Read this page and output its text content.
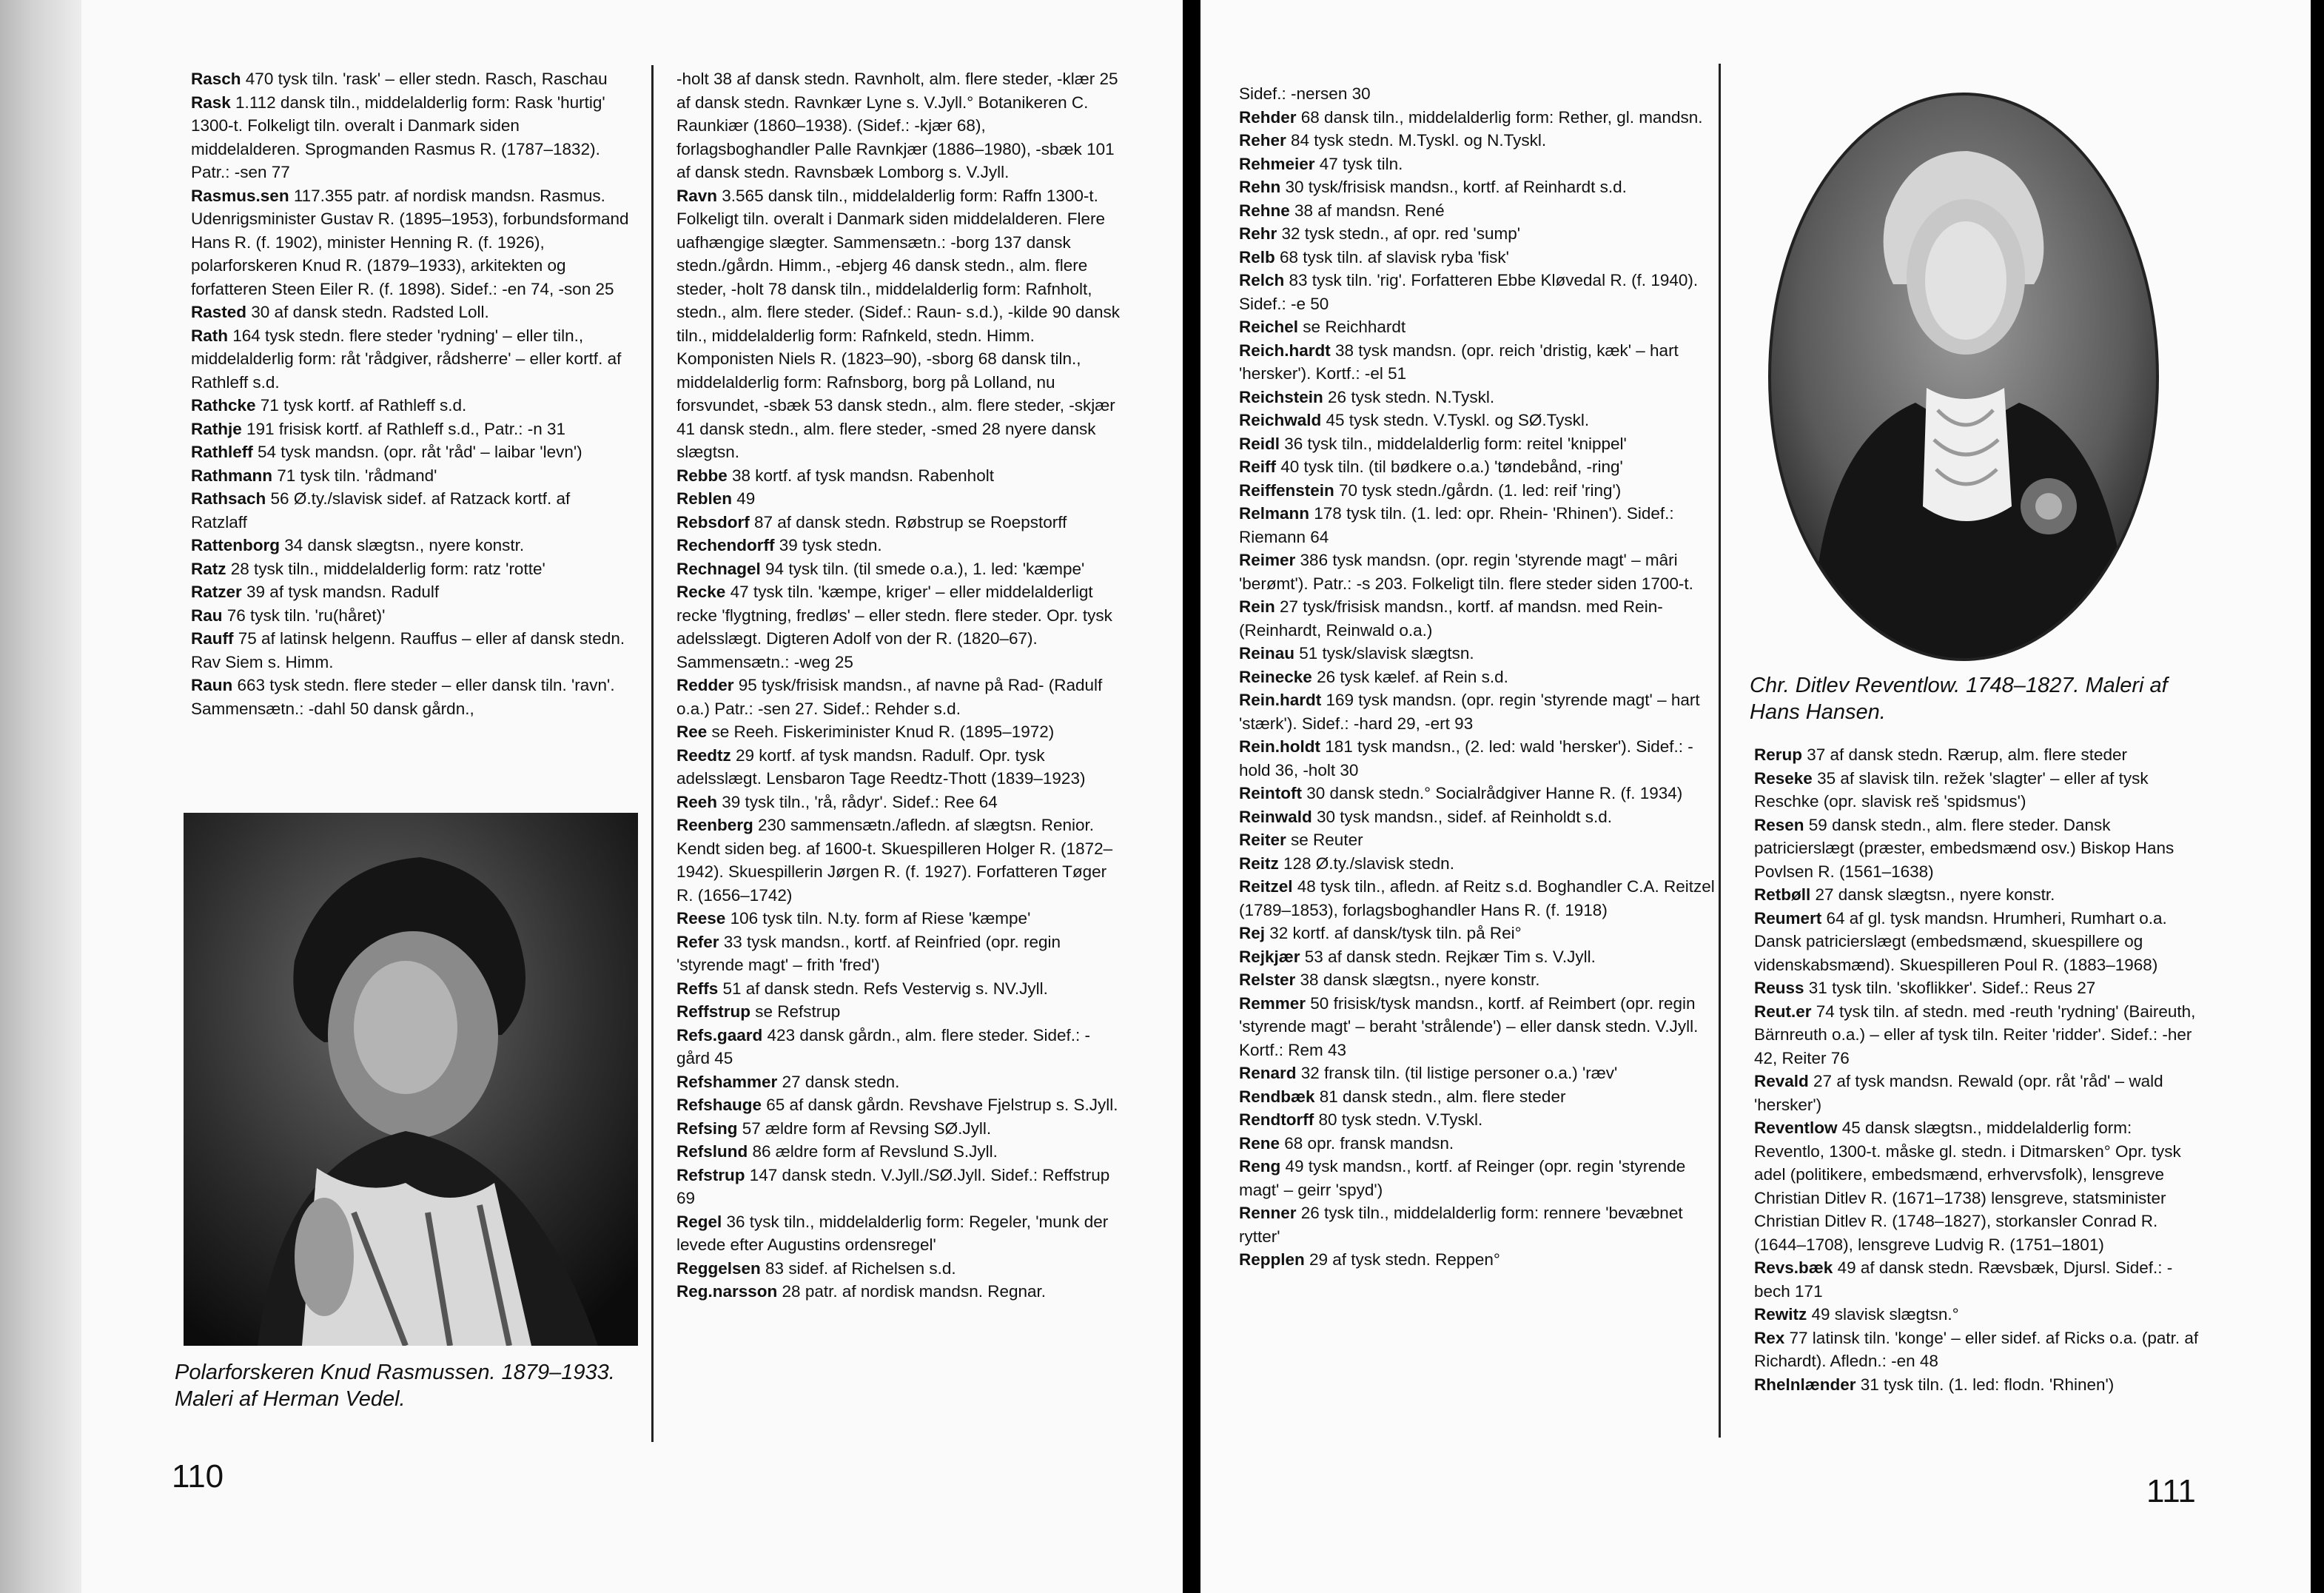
Rasch 470 tysk tiln. 'rask' – eller stedn. Rasch, Raschau

Rask 1.112 dansk tiln., middelalderlig form: Rask 'hurtig' 1300-t. Folkeligt tiln. overalt i Danmark siden middelalderen. Sprogmanden Rasmus R. (1787–1832). Patr.: -sen 77

Rasmus.sen 117.355 patr. af nordisk mandsn. Rasmus. Udenrigsminister Gustav R. (1895–1953), forbundsformand Hans R. (f. 1902), minister Henning R. (f. 1926), polarforskeren Knud R. (1879–1933), arkitekten og forfatteren Steen Eiler R. (f. 1898). Sidef.: -en 74, -son 25

Rasted 30 af dansk stedn. Radsted Loll.

Rath 164 tysk stedn. flere steder 'rydning' – eller tiln., middelalderlig form: råt 'rådgiver, rådsherre' – eller kortf. af Rathleff s.d.

Rathcke 71 tysk kortf. af Rathleff s.d.

Rathje 191 frisisk kortf. af Rathleff s.d., Patr.: -n 31

Rathleff 54 tysk mandsn. (opr. råt 'råd' – laibar 'levn')

Rathmann 71 tysk tiln. 'rådmand'

Rathsach 56 Ø.ty./slavisk sidef. af Ratzack kortf. af Ratzlaff

Rattenborg 34 dansk slægtsn., nyere konstr.

Ratz 28 tysk tiln., middelalderlig form: ratz 'rotte'

Ratzer 39 af tysk mandsn. Radulf

Rau 76 tysk tiln. 'ru(håret)'

Rauff 75 af latinsk helgenn. Rauffus – eller af dansk stedn. Rav Siem s. Himm.

Raun 663 tysk stedn. flere steder – eller dansk tiln. 'ravn'. Sammensætn.: -dahl 50 dansk gårdn.,

-holt 38 af dansk stedn. Ravnholt, alm. flere steder, -klær 25 af dansk stedn. Ravnkær Lyne s. V.Jyll.° Botanikeren C. Raunkiær (1860–1938). (Sidef.: -kjær 68), forlagsboghandler Palle Ravnkjær (1886–1980), -sbæk 101 af dansk stedn. Ravnsbæk Lomborg s. V.Jyll.

Ravn 3.565 dansk tiln., middelalderlig form: Raffn 1300-t. Folkeligt tiln. overalt i Danmark siden middelalderen. Flere uafhængige slægter. Sammensætn.: -borg 137 dansk stedn./gårdn. Himm., -ebjerg 46 dansk stedn., alm. flere steder, -holt 78 dansk tiln., middelalderlig form: Rafnholt, stedn., alm. flere steder. (Sidef.: Raun- s.d.), -kilde 90 dansk tiln., middelalderlig form: Rafnkeld, stedn. Himm. Komponisten Niels R. (1823–90), -sborg 68 dansk tiln., middelalderlig form: Rafnsborg, borg på Lolland, nu forsvundet, -sbæk 53 dansk stedn., alm. flere steder, -skjær 41 dansk stedn., alm. flere steder, -smed 28 nyere dansk slægtsn.

Rebbe 38 kortf. af tysk mandsn. Rabenholt

Reblen 49

Rebsdorf 87 af dansk stedn. Røbstrup se Roepstorff

Rechendorff 39 tysk stedn.

Rechnagel 94 tysk tiln. (til smede o.a.), 1. led: 'kæmpe'

Recke 47 tysk tiln. 'kæmpe, kriger' – eller middelalderligt recke 'flygtning, fredløs' – eller stedn. flere steder. Opr. tysk adelsslægt. Digteren Adolf von der R. (1820–67). Sammensætn.: -weg 25

Redder 95 tysk/frisisk mandsn., af navne på Rad- (Radulf o.a.) Patr.: -sen 27. Sidef.: Rehder s.d.

Ree se Reeh. Fiskeriminister Knud R. (1895–1972)

Reedtz 29 kortf. af tysk mandsn. Radulf. Opr. tysk adelsslægt. Lensbaron Tage Reedtz-Thott (1839–1923)

Reeh 39 tysk tiln., 'rå, rådyr'. Sidef.: Ree 64

Reenberg 230 sammensætn./afledn. af slægtsn. Renior. Kendt siden beg. af 1600-t. Skuespilleren Holger R. (1872–1942). Skuespillerin Jørgen R. (f. 1927). Forfatteren Tøger R. (1656–1742)

Reese 106 tysk tiln. N.ty. form af Riese 'kæmpe'

Refer 33 tysk mandsn., kortf. af Reinfried (opr. regin 'styrende magt' – frith 'fred')

Reffs 51 af dansk stedn. Refs Vestervig s. NV.Jyll.

Reffstrup se Refstrup

Refs.gaard 423 dansk gårdn., alm. flere steder. Sidef.: -gård 45

Refshammer 27 dansk stedn.

Refshauge 65 af dansk gårdn. Revshave Fjelstrup s. S.Jyll.

Refsing 57 ældre form af Revsing SØ.Jyll.

Refslund 86 ældre form af Revslund S.Jyll.

Refstrup 147 dansk stedn. V.Jyll./SØ.Jyll. Sidef.: Reffstrup 69

Regel 36 tysk tiln., middelalderlig form: Regeler, 'munk der levede efter Augustins ordensregel'

Reggelsen 83 sidef. af Richelsen s.d.

Reg.narsson 28 patr. af nordisk mandsn. Regnar.

Polarforskeren Knud Rasmussen. 1879–1933.
Maleri af Herman Vedel.
110

Sidef.: -nersen 30

Rehder 68 dansk tiln., middelalderlig form: Rether, gl. mandsn.

Reher 84 tysk stedn. M.Tyskl. og N.Tyskl.

Rehmeier 47 tysk tiln.

Rehn 30 tysk/frisisk mandsn., kortf. af Reinhardt s.d.

Rehne 38 af mandsn. René

Rehr 32 tysk stedn., af opr. red 'sump'

Relb 68 tysk tiln. af slavisk ryba 'fisk'

Relch 83 tysk tiln. 'rig'. Forfatteren Ebbe Kløvedal R. (f. 1940). Sidef.: -e 50

Reichel se Reichhardt

Reich.hardt 38 tysk mandsn. (opr. reich 'dristig, kæk' – hart 'hersker'). Kortf.: -el 51

Reichstein 26 tysk stedn. N.Tyskl.

Reichwald 45 tysk stedn. V.Tyskl. og SØ.Tyskl.

Reidl 36 tysk tiln., middelalderlig form: reitel 'knippel'

Reiff 40 tysk tiln. (til bødkere o.a.) 'tøndebånd, -ring'

Reiffenstein 70 tysk stedn./gårdn. (1. led: reif 'ring')

Relmann 178 tysk tiln. (1. led: opr. Rhein- 'Rhinen'). Sidef.: Riemann 64

Reimer 386 tysk mandsn. (opr. regin 'styrende magt' – mâri 'berømt'). Patr.: -s 203. Folkeligt tiln. flere steder siden 1700-t.

Rein 27 tysk/frisisk mandsn., kortf. af mandsn. med Rein- (Reinhardt, Reinwald o.a.)

Reinau 51 tysk/slavisk slægtsn.

Reinecke 26 tysk kælef. af Rein s.d.

Rein.hardt 169 tysk mandsn. (opr. regin 'styrende magt' – hart 'stærk'). Sidef.: -hard 29, -ert 93

Rein.holdt 181 tysk mandsn., (2. led: wald 'hersker'). Sidef.: -hold 36, -holt 30

Reintoft 30 dansk stedn.° Socialrådgiver Hanne R. (f. 1934)

Reinwald 30 tysk mandsn., sidef. af Reinholdt s.d.

Reiter se Reuter

Reitz 128 Ø.ty./slavisk stedn.

Reitzel 48 tysk tiln., afledn. af Reitz s.d. Boghandler C.A. Reitzel (1789–1853), forlagsboghandler Hans R. (f. 1918)

Rej 32 kortf. af dansk/tysk tiln. på Rei°

Rejkjær 53 af dansk stedn. Rejkær Tim s. V.Jyll.

Relster 38 dansk slægtsn., nyere konstr.

Remmer 50 frisisk/tysk mandsn., kortf. af Reimbert (opr. regin 'styrende magt' – beraht 'strålende') – eller dansk stedn. V.Jyll. Kortf.: Rem 43

Renard 32 fransk tiln. (til listige personer o.a.) 'ræv'

Rendbæk 81 dansk stedn., alm. flere steder

Rendtorff 80 tysk stedn. V.Tyskl.

Rene 68 opr. fransk mandsn.

Reng 49 tysk mandsn., kortf. af Reinger (opr. regin 'styrende magt' – geirr 'spyd')

Renner 26 tysk tiln., middelalderlig form: rennere 'bevæbnet rytter'

Repplen 29 af tysk stedn. Reppen°

Chr. Ditlev Reventlow. 1748–1827. Maleri af
Hans Hansen.

Rerup 37 af dansk stedn. Rærup, alm. flere steder

Reseke 35 af slavisk tiln. režek 'slagter' – eller af tysk Reschke (opr. slavisk reš 'spidsmus')

Resen 59 dansk stedn., alm. flere steder. Dansk patricierslægt (præster, embedsmænd osv.) Biskop Hans Povlsen R. (1561–1638)

Retbøll 27 dansk slægtsn., nyere konstr.

Reumert 64 af gl. tysk mandsn. Hrumheri, Rumhart o.a. Dansk patricierslægt (embedsmænd, skuespillere og videnskabsmænd). Skuespilleren Poul R. (1883–1968)

Reuss 31 tysk tiln. 'skoflikker'. Sidef.: Reus 27

Reut.er 74 tysk tiln. af stedn. med -reuth 'rydning' (Baireuth, Bärnreuth o.a.) – eller af tysk tiln. Reiter 'ridder'. Sidef.: -her 42, Reiter 76

Revald 27 af tysk mandsn. Rewald (opr. råt 'råd' – wald 'hersker')

Reventlow 45 dansk slægtsn., middelalderlig form: Reventlo, 1300-t. måske gl. stedn. i Ditmarsken° Opr. tysk adel (politikere, embedsmænd, erhvervsfolk), lensgreve Christian Ditlev R. (1671–1738) lensgreve, statsminister Christian Ditlev R. (1748–1827), storkansler Conrad R.(1644–1708), lensgreve Ludvig R. (1751–1801)

Revs.bæk 49 af dansk stedn. Rævsbæk, Djursl. Sidef.: -bech 171

Rewitz 49 slavisk slægtsn.°

Rex 77 latinsk tiln. 'konge' – eller sidef. af Ricks o.a. (patr. af Richardt). Afledn.: -en 48

Rhelnlænder 31 tysk tiln. (1. led: flodn. 'Rhinen')

111
